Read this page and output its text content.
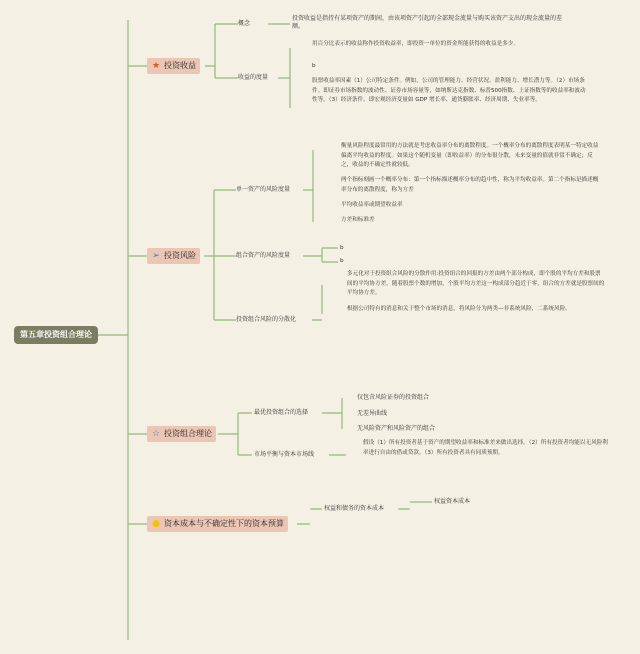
第五章投资组合理论
★ 投资收益
概念
投资收益是指持有某项资产的期间，由该项资产引起的全部现金流量与购买该资产支出的现金流量的差额。
收益的度量
用百分比表示的收益称作投资收益率，即投资一单位的资金所能获得的收益是多少。
b
股票收益率因素（1）公司特定条件。例如，公司的管理能力、经营状况、盈利能力、增长潜力等。（2）市场条件。即证券市场指数的波动性、证券市场容量等，如纳斯达克指数、标普500指数、上证指数等的收益率和波动性等。（3）经济条件。即宏观经济变量如 GDP 增长率、通货膨胀率、经济周期、失业率等。
➢ 投资风险
单一资产的风险度量
衡量风险程度最常用的方法就是考虑收益率分布的离散程度。一个概率分布的离散程度表明某一特定收益偏离平均收益的程度。如果这个随机变量（即收益率）的分布很分散，未来变量的值就非常不确定；反之，收益的不确定性就较低。
两个指标刻画一个概率分布：第一个指标描述概率分布的趋中性，称为平均收益率。第二个指标是描述概率分布的离散程度，称为方差
平均收益率或期望收益率
方差和标准差
组合资产的风险度量
b
b
投资组合风险的分散化
多元化对于投资组合风险的分散作用:投资组合的回报的方差由两个部分构成，即个股的平均方差和股票间的平均协方差，随着股票个数的增加，个股平均方差这一构成部分趋近于零，组合的方差就是股票间的平均协方差。
根据公司特有的消息和关于整个市场的消息，将风险分为两类—非系统风险，二系统风险。
☆ 投资组合理论
最优投资组合的选择
仅包含风险证券的投资组合
无差异曲线
无风险资产和风险资产的组合
市场平衡与资本市场线
假设（1）所有投资者基于资产的期望收益率和标准差来做出选择。（2）所有投资者均能以无风险利率进行自由的借或贷款。（3）所有投资者具有同质预期。
● 资本成本与不确定性下的资本预算
权益和债务的资本成本
权益资本成本
